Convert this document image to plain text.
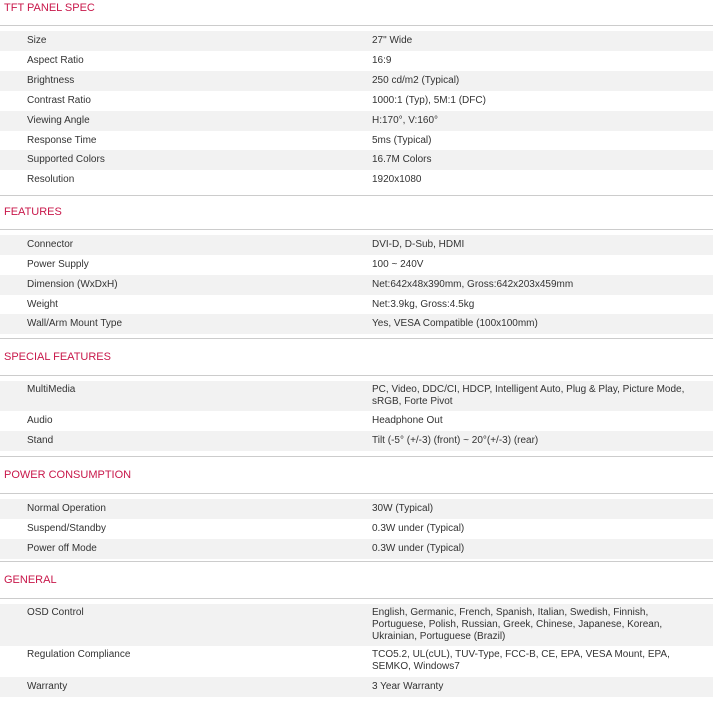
TFT PANEL SPEC
Size	27" Wide
Aspect Ratio	16:9
Brightness	250 cd/m2 (Typical)
Contrast Ratio	1000:1 (Typ), 5M:1 (DFC)
Viewing Angle	H:170°, V:160°
Response Time	5ms (Typical)
Supported Colors	16.7M Colors
Resolution	1920x1080
FEATURES
Connector	DVI-D, D-Sub, HDMI
Power Supply	100 ~ 240V
Dimension (WxDxH)	Net:642x48x390mm, Gross:642x203x459mm
Weight	Net:3.9kg, Gross:4.5kg
Wall/Arm Mount Type	Yes, VESA Compatible (100x100mm)
SPECIAL FEATURES
MultiMedia	PC, Video, DDC/CI, HDCP, Intelligent Auto, Plug & Play, Picture Mode, sRGB, Forte Pivot
Audio	Headphone Out
Stand	Tilt (-5° (+/-3) (front) ~ 20°(+/-3) (rear)
POWER CONSUMPTION
Normal Operation	30W (Typical)
Suspend/Standby	0.3W under (Typical)
Power off Mode	0.3W under (Typical)
GENERAL
OSD Control	English, Germanic, French, Spanish, Italian, Swedish, Finnish, Portuguese, Polish, Russian, Greek, Chinese, Japanese, Korean, Ukrainian, Portuguese (Brazil)
Regulation Compliance	TCO5.2, UL(cUL), TUV-Type, FCC-B, CE, EPA, VESA Mount, EPA, SEMKO, Windows7
Warranty	3 Year Warranty
